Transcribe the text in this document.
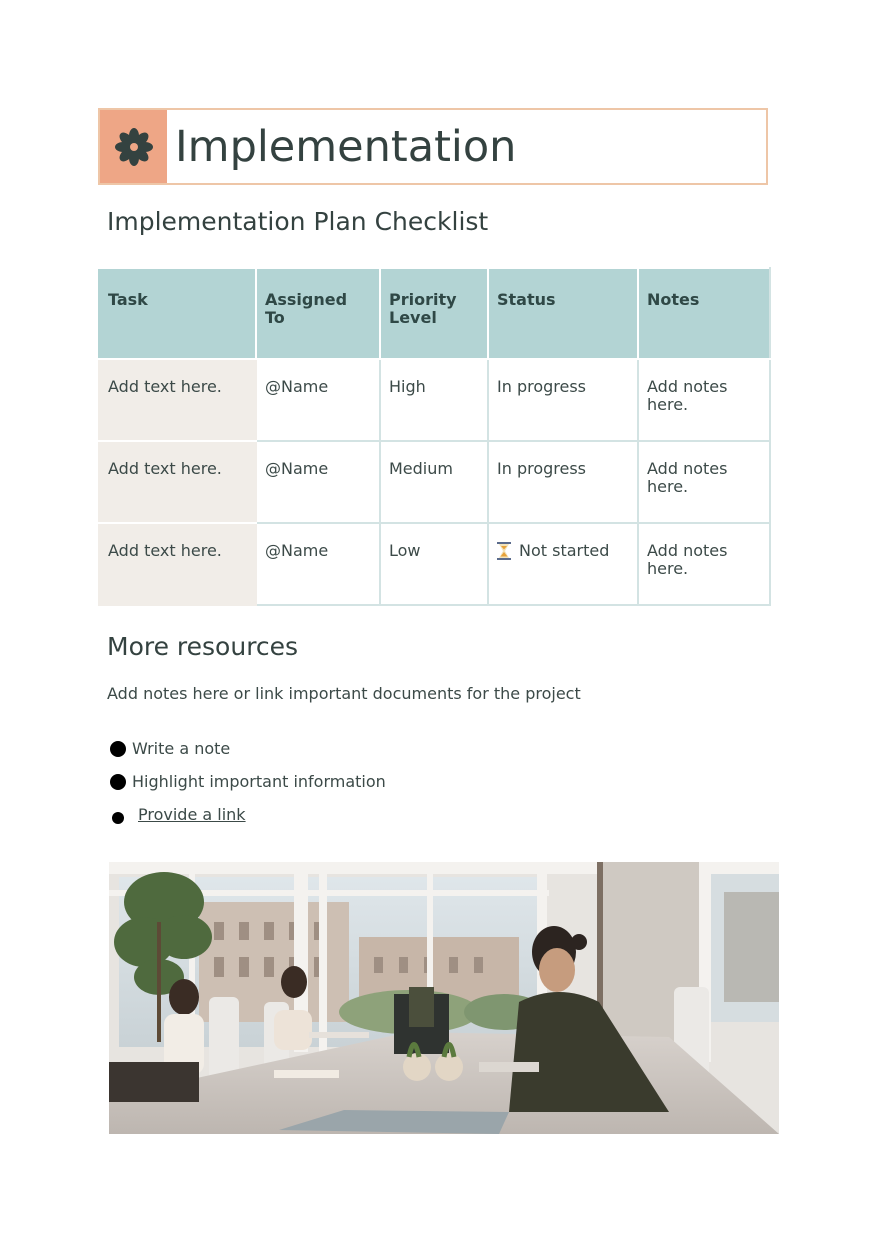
Implementation
Implementation Plan Checklist
Task	Assigned To	Priority Level	Status	Notes
Add text here.	@Name	High	In progress	Add notes here.
Add text here.	@Name	Medium	In progress	Add notes here.
Add text here.	@Name	Low	Not started	Add notes here.
More resources
Add notes here or link important documents for the project
Write a note
Highlight important information
Provide a link
